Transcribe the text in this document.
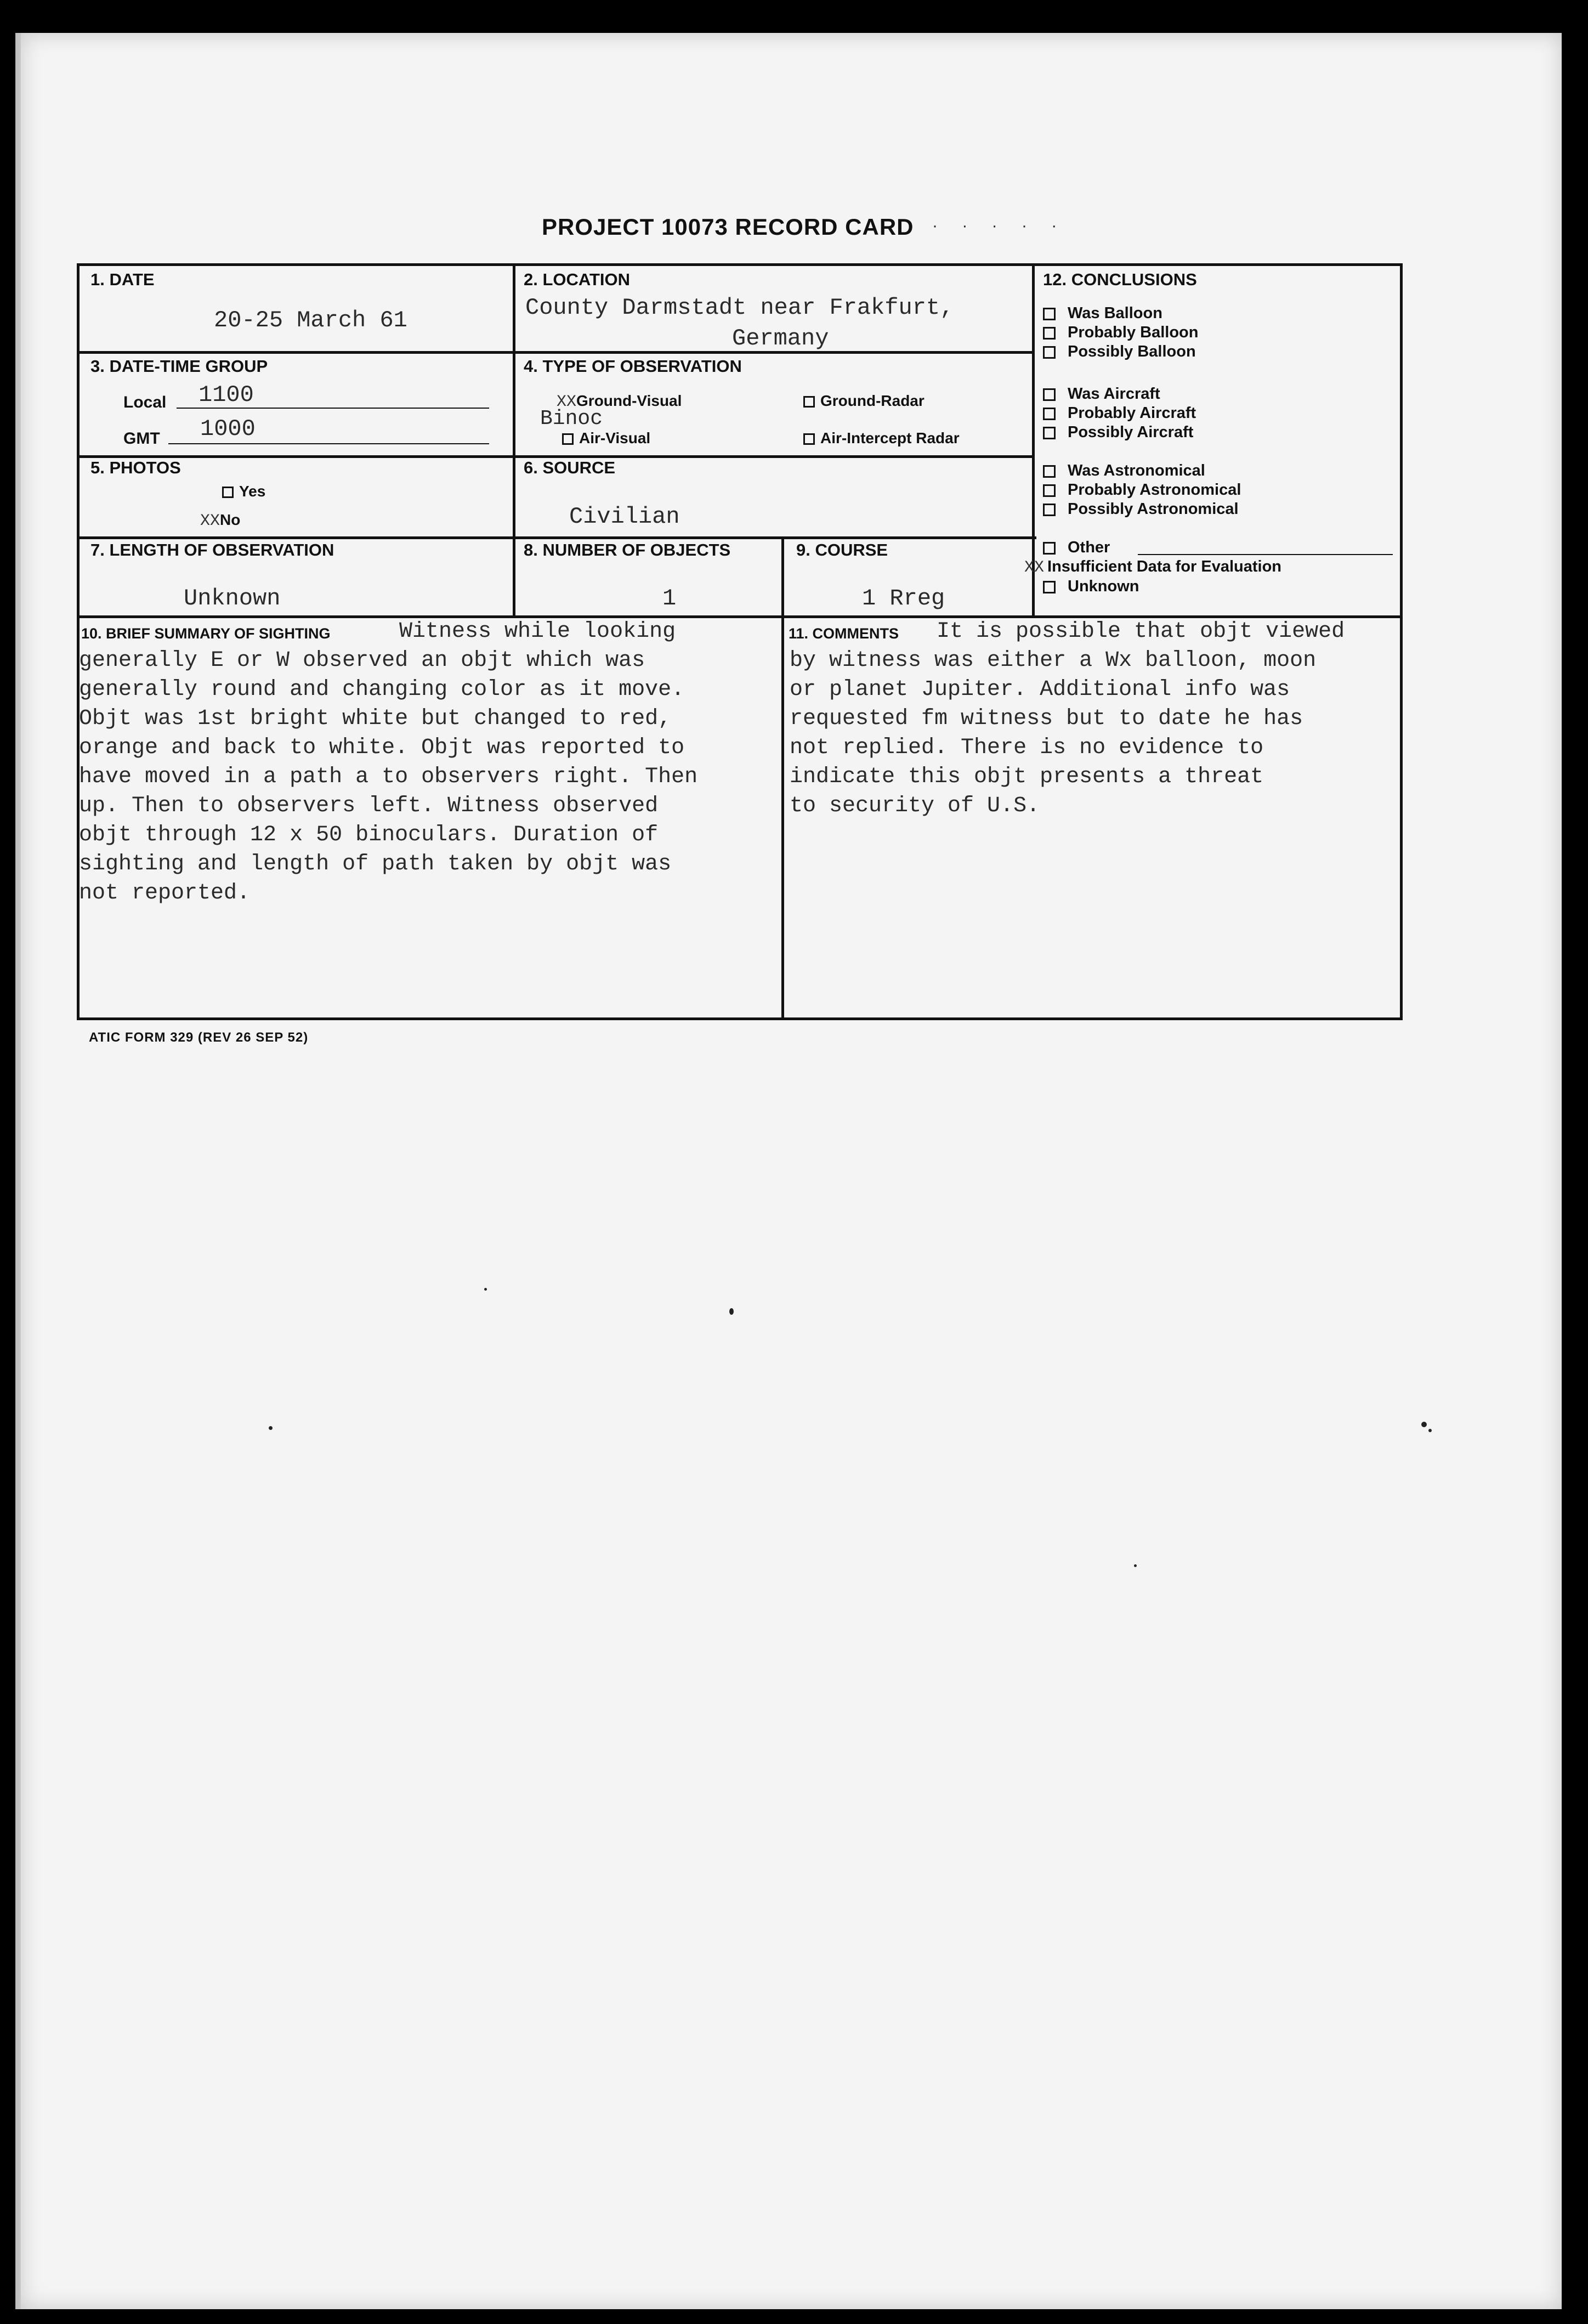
PROJECT 10073 RECORD CARD · · · · ·
1. DATE
20-25 March 61
2. LOCATION
County Darmstadt near Frakfurt,
Germany
3. DATE-TIME GROUP
Local 1100
GMT 1000
4. TYPE OF OBSERVATION
XXGround-Visual
Binoc
Air-Visual
Ground-Radar
Air-Intercept Radar
5. PHOTOS
Yes
XXNo
6. SOURCE
Civilian
7. LENGTH OF OBSERVATION
Unknown
8. NUMBER OF OBJECTS
1
9. COURSE
1 Rreg
12. CONCLUSIONS
Was Balloon
Probably Balloon
Possibly Balloon
Was Aircraft
Probably Aircraft
Possibly Aircraft
Was Astronomical
Probably Astronomical
Possibly Astronomical
Other
XX Insufficient Data for Evaluation
Unknown
10. BRIEF SUMMARY OF SIGHTING	Witness while looking
generally E or W observed an objt which was
generally round and changing color as it move.
Objt was 1st bright white but changed to red,
orange and back to white. Objt was reported to
have moved in a path a to observers right. Then
up. Then to observers left. Witness observed
objt through 12 x 50 binoculars. Duration of
sighting and length of path taken by objt was
not reported.
11. COMMENTS It is possible that objt viewed
by witness was either a Wx balloon, moon
or planet Jupiter. Additional info was
requested fm witness but to date he has
not replied. There is no evidence to
indicate this objt presents a threat
to security of U.S.
ATIC FORM 329 (REV 26 SEP 52)
